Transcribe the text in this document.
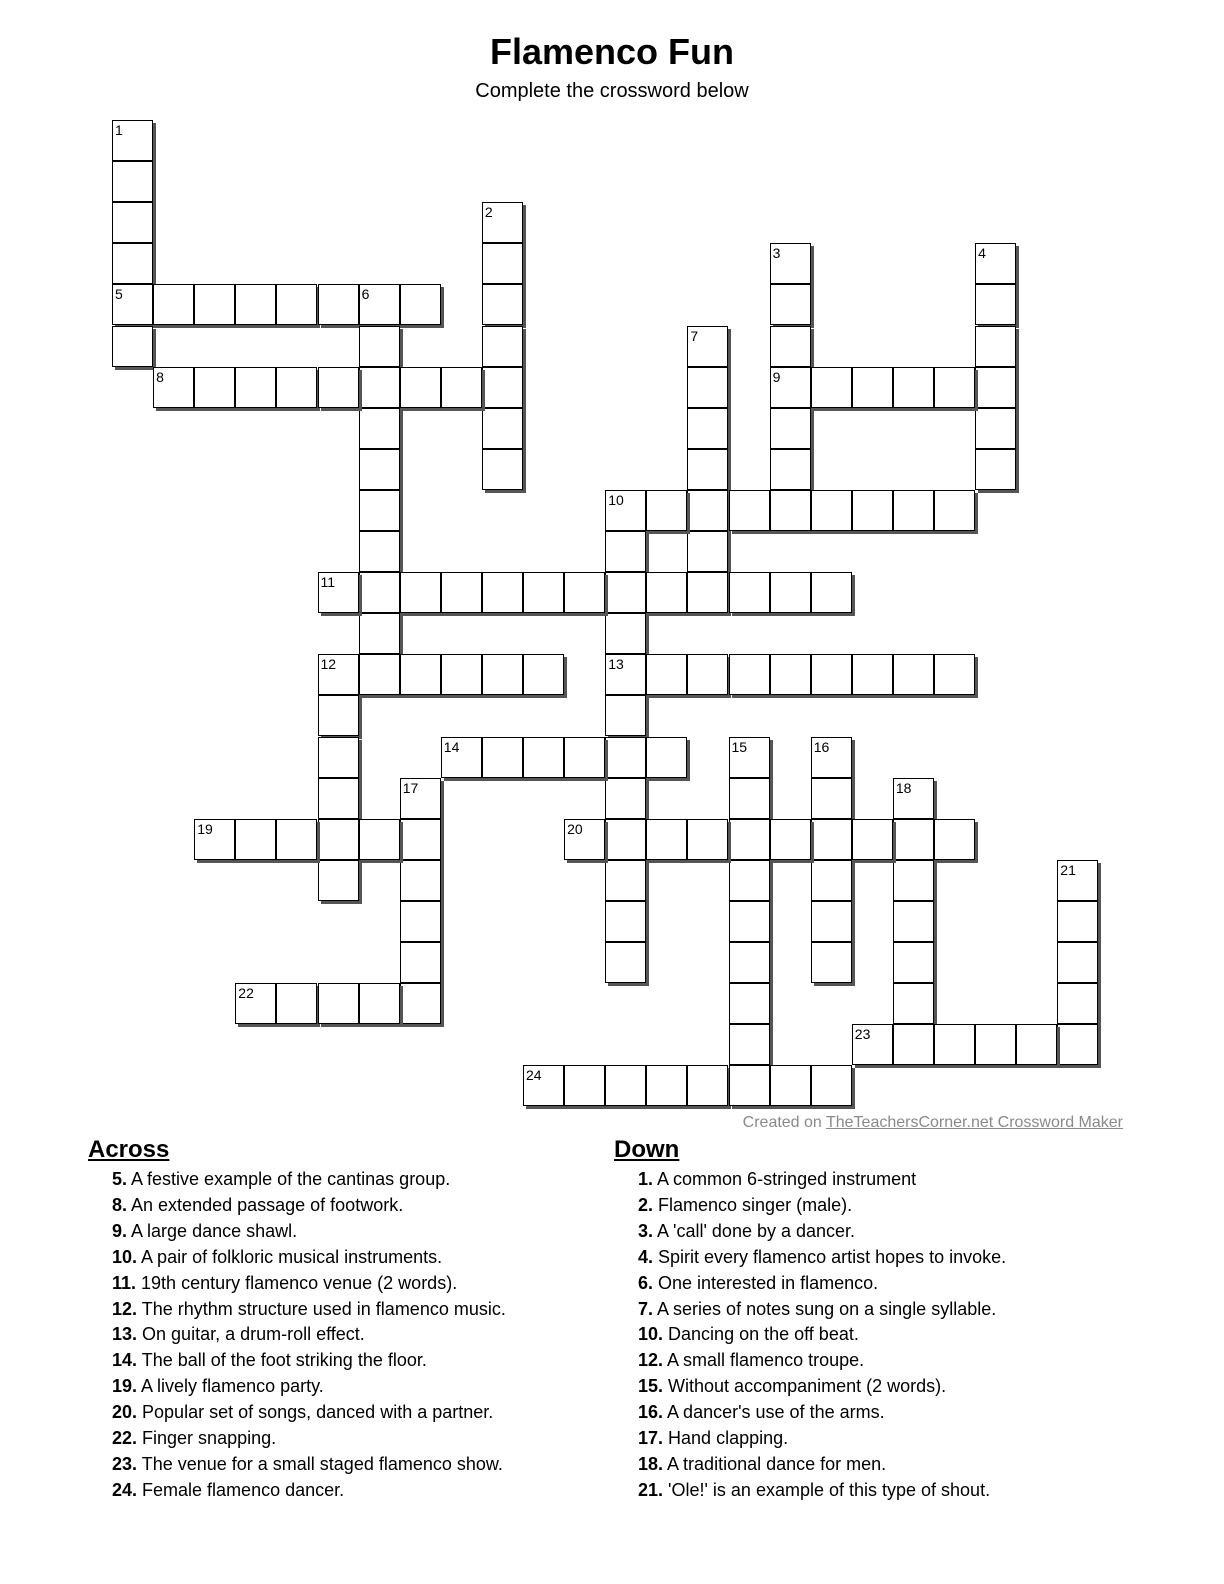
Flamenco Fun
Complete the crossword below
1
5
2
3
9
4
6
7
8
10
13
11
12
14	15	16
17	18
19	20
21
22
23
24
Created on TheTeachersCorner.net Crossword Maker
Across
5. A festive example of the cantinas group.
8. An extended passage of footwork.
9. A large dance shawl.
10. A pair of folkloric musical instruments.
11. 19th century flamenco venue (2 words).
12. The rhythm structure used in flamenco music.
13. On guitar, a drum-roll effect.
14. The ball of the foot striking the floor.
19. A lively flamenco party.
20. Popular set of songs, danced with a partner.
22. Finger snapping.
23. The venue for a small staged flamenco show.
24. Female flamenco dancer.
Down
1. A common 6-stringed instrument
2. Flamenco singer (male).
3. A 'call' done by a dancer.
4. Spirit every flamenco artist hopes to invoke.
6. One interested in flamenco.
7. A series of notes sung on a single syllable.
10. Dancing on the off beat.
12. A small flamenco troupe.
15. Without accompaniment (2 words).
16. A dancer's use of the arms.
17. Hand clapping.
18. A traditional dance for men.
21. 'Ole!' is an example of this type of shout.
